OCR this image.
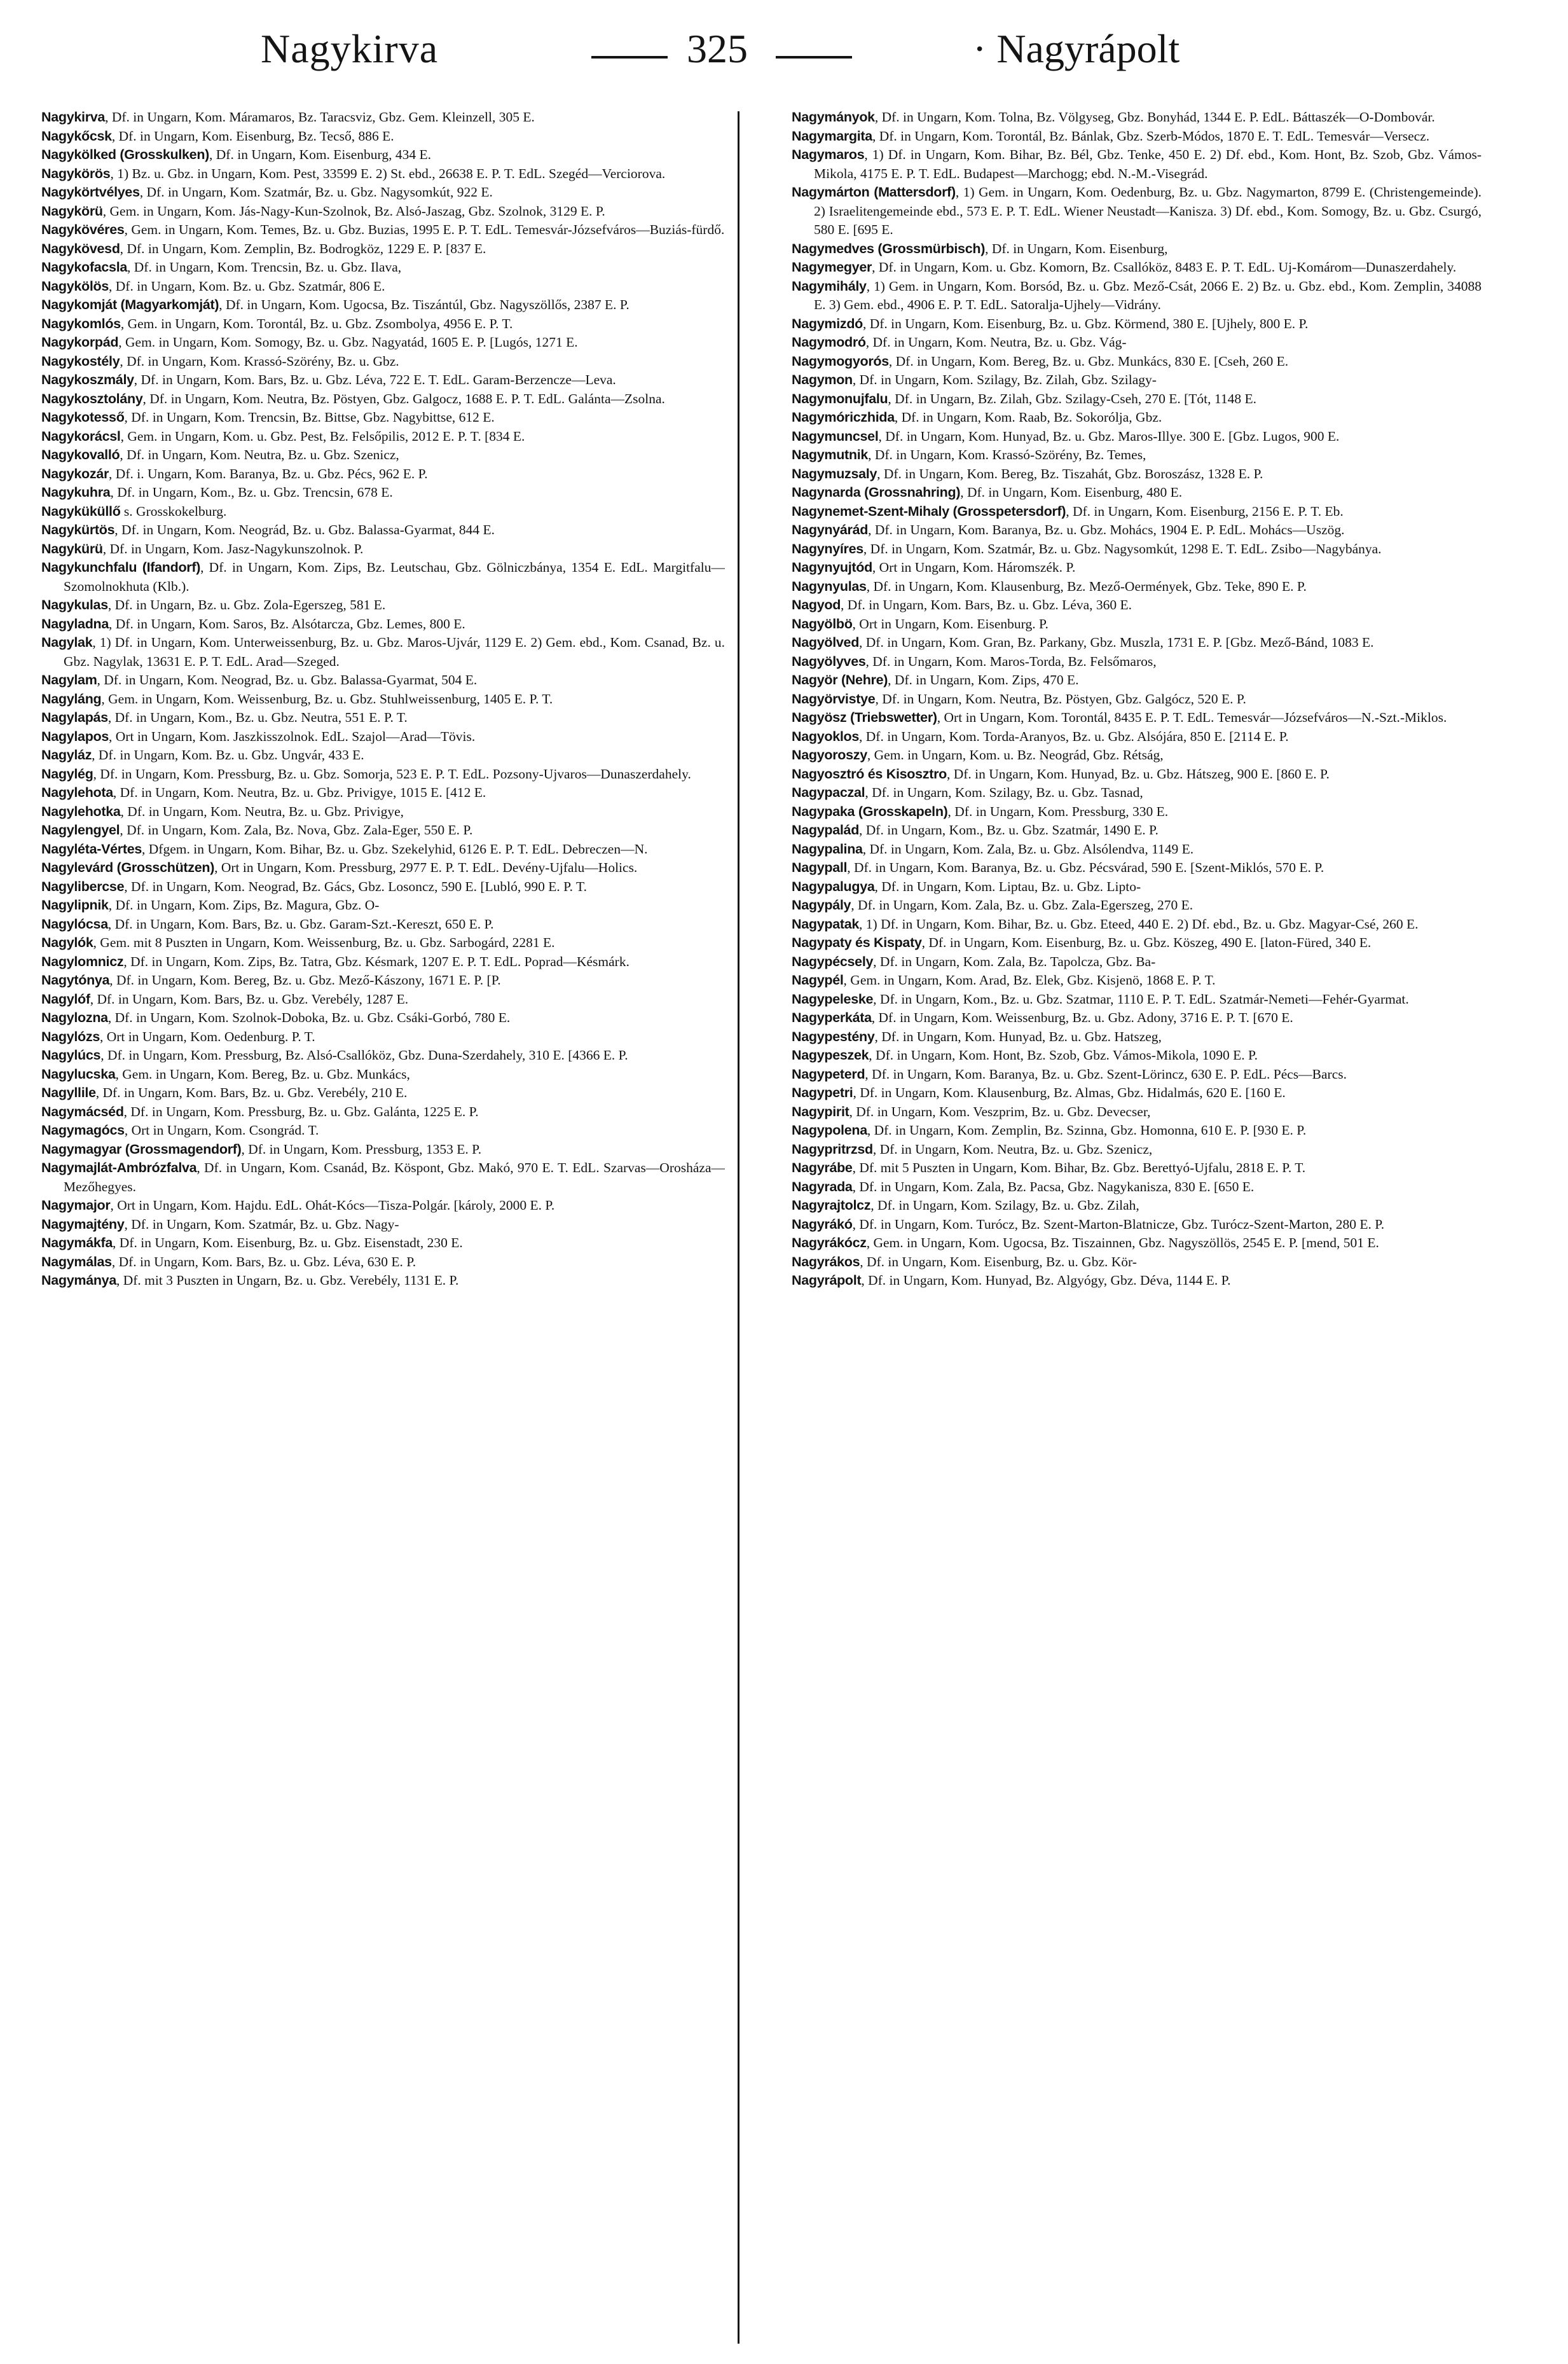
Nagykirva	325	· Nagyrápolt

Nagykirva, Df. in Ungarn, Kom. Máramaros, Bz. Taracsviz, Gbz. Gem. Kleinzell, 305 E.

Nagykőcsk, Df. in Ungarn, Kom. Eisenburg, Bz. Tecső, 886 E.

Nagykölked (Grosskulken), Df. in Ungarn, Kom. Eisenburg, 434 E.

Nagykörös, 1) Bz. u. Gbz. in Ungarn, Kom. Pest, 33599 E. 2) St. ebd., 26638 E. P. T. EdL. Szegéd—Verciorova.

Nagykörtvélyes, Df. in Ungarn, Kom. Szatmár, Bz. u. Gbz. Nagysomkút, 922 E.

Nagykörü, Gem. in Ungarn, Kom. Jás-Nagy-Kun-Szolnok, Bz. Alsó-Jaszag, Gbz. Szolnok, 3129 E. P.

Nagykövéres, Gem. in Ungarn, Kom. Temes, Bz. u. Gbz. Buzias, 1995 E. P. T. EdL. Temesvár-Józsefváros—Buziás-fürdő.

Nagykövesd, Df. in Ungarn, Kom. Zemplin, Bz. Bodrogköz, 1229 E. P. [837 E.

Nagykofacsla, Df. in Ungarn, Kom. Trencsin, Bz. u. Gbz. Ilava,

Nagykölös, Df. in Ungarn, Kom. Bz. u. Gbz. Szatmár, 806 E.

Nagykomját (Magyarkomját), Df. in Ungarn, Kom. Ugocsa, Bz. Tiszántúl, Gbz. Nagyszöllős, 2387 E. P.

Nagykomlós, Gem. in Ungarn, Kom. Torontál, Bz. u. Gbz. Zsombolya, 4956 E. P. T.

Nagykorpád, Gem. in Ungarn, Kom. Somogy, Bz. u. Gbz. Nagyatád, 1605 E. P. [Lugós, 1271 E.

Nagykostély, Df. in Ungarn, Kom. Krassó-Szörény, Bz. u. Gbz.

Nagykoszmály, Df. in Ungarn, Kom. Bars, Bz. u. Gbz. Léva, 722 E. T. EdL. Garam-Berzencze—Leva.

Nagykosztolány, Df. in Ungarn, Kom. Neutra, Bz. Pöstyen, Gbz. Galgocz, 1688 E. P. T. EdL. Galánta—Zsolna.

Nagykotesső, Df. in Ungarn, Kom. Trencsin, Bz. Bittse, Gbz. Nagybittse, 612 E.

Nagykorácsl, Gem. in Ungarn, Kom. u. Gbz. Pest, Bz. Felsőpilis, 2012 E. P. T. [834 E.

Nagykovalló, Df. in Ungarn, Kom. Neutra, Bz. u. Gbz. Szenicz,

Nagykozár, Df. i. Ungarn, Kom. Baranya, Bz. u. Gbz. Pécs, 962 E. P.

Nagykuhra, Df. in Ungarn, Kom., Bz. u. Gbz. Trencsin, 678 E.

Nagyküküllő s. Grosskokelburg.

Nagykürtös, Df. in Ungarn, Kom. Neográd, Bz. u. Gbz. Balassa-Gyarmat, 844 E.

Nagykürü, Df. in Ungarn, Kom. Jasz-Nagykunszolnok. P.

Nagykunchfalu (Ifandorf), Df. in Ungarn, Kom. Zips, Bz. Leutschau, Gbz. Gölniczbánya, 1354 E. EdL. Margitfalu—Szomolnokhuta (Klb.).

Nagykulas, Df. in Ungarn, Bz. u. Gbz. Zola-Egerszeg, 581 E.

Nagyladna, Df. in Ungarn, Kom. Saros, Bz. Alsótarcza, Gbz. Lemes, 800 E.

Nagylak, 1) Df. in Ungarn, Kom. Unterweissenburg, Bz. u. Gbz. Maros-Ujvár, 1129 E. 2) Gem. ebd., Kom. Csanad, Bz. u. Gbz. Nagylak, 13631 E. P. T. EdL. Arad—Szeged.

Nagylam, Df. in Ungarn, Kom. Neograd, Bz. u. Gbz. Balassa-Gyarmat, 504 E.

Nagyláng, Gem. in Ungarn, Kom. Weissenburg, Bz. u. Gbz. Stuhlweissenburg, 1405 E. P. T.

Nagylapás, Df. in Ungarn, Kom., Bz. u. Gbz. Neutra, 551 E. P. T.

Nagylapos, Ort in Ungarn, Kom. Jaszkisszolnok. EdL. Szajol—Arad—Tövis.

Nagyláz, Df. in Ungarn, Kom. Bz. u. Gbz. Ungvár, 433 E.

Nagylég, Df. in Ungarn, Kom. Pressburg, Bz. u. Gbz. Somorja, 523 E. P. T. EdL. Pozsony-Ujvaros—Dunaszerdahely.

Nagylehota, Df. in Ungarn, Kom. Neutra, Bz. u. Gbz. Privigye, 1015 E. [412 E.

Nagylehotka, Df. in Ungarn, Kom. Neutra, Bz. u. Gbz. Privigye,

Nagylengyel, Df. in Ungarn, Kom. Zala, Bz. Nova, Gbz. Zala-Eger, 550 E. P.

Nagyléta-Vértes, Dfgem. in Ungarn, Kom. Bihar, Bz. u. Gbz. Szekelyhid, 6126 E. P. T. EdL. Debreczen—N.

Nagylevárd (Grosschützen), Ort in Ungarn, Kom. Pressburg, 2977 E. P. T. EdL. Devény-Ujfalu—Holics.

Nagylibercse, Df. in Ungarn, Kom. Neograd, Bz. Gács, Gbz. Losoncz, 590 E. [Lubló, 990 E. P. T.

Nagylipnik, Df. in Ungarn, Kom. Zips, Bz. Magura, Gbz. O-

Nagylócsa, Df. in Ungarn, Kom. Bars, Bz. u. Gbz. Garam-Szt.-Kereszt, 650 E. P.

Nagylók, Gem. mit 8 Puszten in Ungarn, Kom. Weissenburg, Bz. u. Gbz. Sarbogárd, 2281 E.

Nagylomnicz, Df. in Ungarn, Kom. Zips, Bz. Tatra, Gbz. Késmark, 1207 E. P. T. EdL. Poprad—Késmárk.

Nagytónya, Df. in Ungarn, Kom. Bereg, Bz. u. Gbz. Mező-Kászony, 1671 E. P. [P.

Nagylóf, Df. in Ungarn, Kom. Bars, Bz. u. Gbz. Verebély, 1287 E.

Nagylozna, Df. in Ungarn, Kom. Szolnok-Doboka, Bz. u. Gbz. Csáki-Gorbó, 780 E.

Nagylózs, Ort in Ungarn, Kom. Oedenburg. P. T.

Nagylúcs, Df. in Ungarn, Kom. Pressburg, Bz. Alsó-Csallóköz, Gbz. Duna-Szerdahely, 310 E. [4366 E. P.

Nagylucska, Gem. in Ungarn, Kom. Bereg, Bz. u. Gbz. Munkács,

Nagyllile, Df. in Ungarn, Kom. Bars, Bz. u. Gbz. Verebély, 210 E.

Nagymácséd, Df. in Ungarn, Kom. Pressburg, Bz. u. Gbz. Galánta, 1225 E. P.

Nagymagócs, Ort in Ungarn, Kom. Csongrád. T.

Nagymagyar (Grossmagendorf), Df. in Ungarn, Kom. Pressburg, 1353 E. P.

Nagymajlát-Ambrózfalva, Df. in Ungarn, Kom. Csanád, Bz. Köspont, Gbz. Makó, 970 E. T. EdL. Szarvas—Orosháza—Mezőhegyes.

Nagymajor, Ort in Ungarn, Kom. Hajdu. EdL. Ohát-Kócs—Tisza-Polgár. [károly, 2000 E. P.

Nagymajtény, Df. in Ungarn, Kom. Szatmár, Bz. u. Gbz. Nagy-

Nagymákfa, Df. in Ungarn, Kom. Eisenburg, Bz. u. Gbz. Eisenstadt, 230 E.

Nagymálas, Df. in Ungarn, Kom. Bars, Bz. u. Gbz. Léva, 630 E. P.

Nagymánya, Df. mit 3 Puszten in Ungarn, Bz. u. Gbz. Verebély, 1131 E. P.

Nagymányok, Df. in Ungarn, Kom. Tolna, Bz. Völgyseg, Gbz. Bonyhád, 1344 E. P. EdL. Báttaszék—O-Dombovár.

Nagymargita, Df. in Ungarn, Kom. Torontál, Bz. Bánlak, Gbz. Szerb-Módos, 1870 E. T. EdL. Temesvár—Versecz.

Nagymaros, 1) Df. in Ungarn, Kom. Bihar, Bz. Bél, Gbz. Tenke, 450 E. 2) Df. ebd., Kom. Hont, Bz. Szob, Gbz. Vámos-Mikola, 4175 E. P. T. EdL. Budapest—Marchogg; ebd. N.-M.-Visegrád.

Nagymárton (Mattersdorf), 1) Gem. in Ungarn, Kom. Oedenburg, Bz. u. Gbz. Nagymarton, 8799 E. (Christengemeinde). 2) Israelitengemeinde ebd., 573 E. P. T. EdL. Wiener Neustadt—Kanisza. 3) Df. ebd., Kom. Somogy, Bz. u. Gbz. Csurgó, 580 E. [695 E.

Nagymedves (Grossmürbisch), Df. in Ungarn, Kom. Eisenburg,

Nagymegyer, Df. in Ungarn, Kom. u. Gbz. Komorn, Bz. Csallóköz, 8483 E. P. T. EdL. Uj-Komárom—Dunaszerdahely.

Nagymihály, 1) Gem. in Ungarn, Kom. Borsód, Bz. u. Gbz. Mező-Csát, 2066 E. 2) Bz. u. Gbz. ebd., Kom. Zemplin, 34088 E. 3) Gem. ebd., 4906 E. P. T. EdL. Satoralja-Ujhely—Vidrány.

Nagymizdó, Df. in Ungarn, Kom. Eisenburg, Bz. u. Gbz. Körmend, 380 E. [Ujhely, 800 E. P.

Nagymodró, Df. in Ungarn, Kom. Neutra, Bz. u. Gbz. Vág-

Nagymogyorós, Df. in Ungarn, Kom. Bereg, Bz. u. Gbz. Munkács, 830 E. [Cseh, 260 E.

Nagymon, Df. in Ungarn, Kom. Szilagy, Bz. Zilah, Gbz. Szilagy-

Nagymonujfalu, Df. in Ungarn, Bz. Zilah, Gbz. Szilagy-Cseh, 270 E. [Tót, 1148 E.

Nagymóriczhida, Df. in Ungarn, Kom. Raab, Bz. Sokorólja, Gbz.

Nagymuncsel, Df. in Ungarn, Kom. Hunyad, Bz. u. Gbz. Maros-Illye. 300 E. [Gbz. Lugos, 900 E.

Nagymutnik, Df. in Ungarn, Kom. Krassó-Szörény, Bz. Temes,

Nagymuzsaly, Df. in Ungarn, Kom. Bereg, Bz. Tiszahát, Gbz. Boroszász, 1328 E. P.

Nagynarda (Grossnahring), Df. in Ungarn, Kom. Eisenburg, 480 E.

Nagynemet-Szent-Mihaly (Grosspetersdorf), Df. in Ungarn, Kom. Eisenburg, 2156 E. P. T. Eb.

Nagynyárád, Df. in Ungarn, Kom. Baranya, Bz. u. Gbz. Mohács, 1904 E. P. EdL. Mohács—Uszög.

Nagynyíres, Df. in Ungarn, Kom. Szatmár, Bz. u. Gbz. Nagysomkút, 1298 E. T. EdL. Zsibo—Nagybánya.

Nagynyujtód, Ort in Ungarn, Kom. Háromszék. P.

Nagynyulas, Df. in Ungarn, Kom. Klausenburg, Bz. Mező-Oermények, Gbz. Teke, 890 E. P.

Nagyod, Df. in Ungarn, Kom. Bars, Bz. u. Gbz. Léva, 360 E.

Nagyölbö, Ort in Ungarn, Kom. Eisenburg. P.

Nagyölved, Df. in Ungarn, Kom. Gran, Bz. Parkany, Gbz. Muszla, 1731 E. P. [Gbz. Mező-Bánd, 1083 E.

Nagyölyves, Df. in Ungarn, Kom. Maros-Torda, Bz. Felsőmaros,

Nagyör (Nehre), Df. in Ungarn, Kom. Zips, 470 E.

Nagyörvistye, Df. in Ungarn, Kom. Neutra, Bz. Pöstyen, Gbz. Galgócz, 520 E. P.

Nagyösz (Triebswetter), Ort in Ungarn, Kom. Torontál, 8435 E. P. T. EdL. Temesvár—Józsefváros—N.-Szt.-Miklos.

Nagyoklos, Df. in Ungarn, Kom. Torda-Aranyos, Bz. u. Gbz. Alsójára, 850 E. [2114 E. P.

Nagyoroszy, Gem. in Ungarn, Kom. u. Bz. Neográd, Gbz. Rétság,

Nagyosztró és Kisosztro, Df. in Ungarn, Kom. Hunyad, Bz. u. Gbz. Hátszeg, 900 E. [860 E. P.

Nagypaczal, Df. in Ungarn, Kom. Szilagy, Bz. u. Gbz. Tasnad,

Nagypaka (Grosskapeln), Df. in Ungarn, Kom. Pressburg, 330 E.

Nagypalád, Df. in Ungarn, Kom., Bz. u. Gbz. Szatmár, 1490 E. P.

Nagypalina, Df. in Ungarn, Kom. Zala, Bz. u. Gbz. Alsólendva, 1149 E.

Nagypall, Df. in Ungarn, Kom. Baranya, Bz. u. Gbz. Pécsvárad, 590 E. [Szent-Miklós, 570 E. P.

Nagypalugya, Df. in Ungarn, Kom. Liptau, Bz. u. Gbz. Lipto-

Nagypály, Df. in Ungarn, Kom. Zala, Bz. u. Gbz. Zala-Egerszeg, 270 E.

Nagypatak, 1) Df. in Ungarn, Kom. Bihar, Bz. u. Gbz. Eteed, 440 E. 2) Df. ebd., Bz. u. Gbz. Magyar-Csé, 260 E.

Nagypaty és Kispaty, Df. in Ungarn, Kom. Eisenburg, Bz. u. Gbz. Köszeg, 490 E. [laton-Füred, 340 E.

Nagypécsely, Df. in Ungarn, Kom. Zala, Bz. Tapolcza, Gbz. Ba-

Nagypél, Gem. in Ungarn, Kom. Arad, Bz. Elek, Gbz. Kisjenö, 1868 E. P. T.

Nagypeleske, Df. in Ungarn, Kom., Bz. u. Gbz. Szatmar, 1110 E. P. T. EdL. Szatmár-Nemeti—Fehér-Gyarmat.

Nagyperkáta, Df. in Ungarn, Kom. Weissenburg, Bz. u. Gbz. Adony, 3716 E. P. T. [670 E.

Nagypestény, Df. in Ungarn, Kom. Hunyad, Bz. u. Gbz. Hatszeg,

Nagypeszek, Df. in Ungarn, Kom. Hont, Bz. Szob, Gbz. Vámos-Mikola, 1090 E. P.

Nagypeterd, Df. in Ungarn, Kom. Baranya, Bz. u. Gbz. Szent-Lörincz, 630 E. P. EdL. Pécs—Barcs.

Nagypetri, Df. in Ungarn, Kom. Klausenburg, Bz. Almas, Gbz. Hidalmás, 620 E. [160 E.

Nagypirit, Df. in Ungarn, Kom. Veszprim, Bz. u. Gbz. Devecser,

Nagypolena, Df. in Ungarn, Kom. Zemplin, Bz. Szinna, Gbz. Homonna, 610 E. P. [930 E. P.

Nagypritrzsd, Df. in Ungarn, Kom. Neutra, Bz. u. Gbz. Szenicz,

Nagyrábe, Df. mit 5 Puszten in Ungarn, Kom. Bihar, Bz. Gbz. Berettyó-Ujfalu, 2818 E. P. T.

Nagyrada, Df. in Ungarn, Kom. Zala, Bz. Pacsa, Gbz. Nagykanisza, 830 E. [650 E.

Nagyrajtolcz, Df. in Ungarn, Kom. Szilagy, Bz. u. Gbz. Zilah,

Nagyrákó, Df. in Ungarn, Kom. Turócz, Bz. Szent-Marton-Blatnicze, Gbz. Turócz-Szent-Marton, 280 E. P.

Nagyrákócz, Gem. in Ungarn, Kom. Ugocsa, Bz. Tiszainnen, Gbz. Nagyszöllös, 2545 E. P. [mend, 501 E.

Nagyrákos, Df. in Ungarn, Kom. Eisenburg, Bz. u. Gbz. Kör-

Nagyrápolt, Df. in Ungarn, Kom. Hunyad, Bz. Algyógy, Gbz. Déva, 1144 E. P.
